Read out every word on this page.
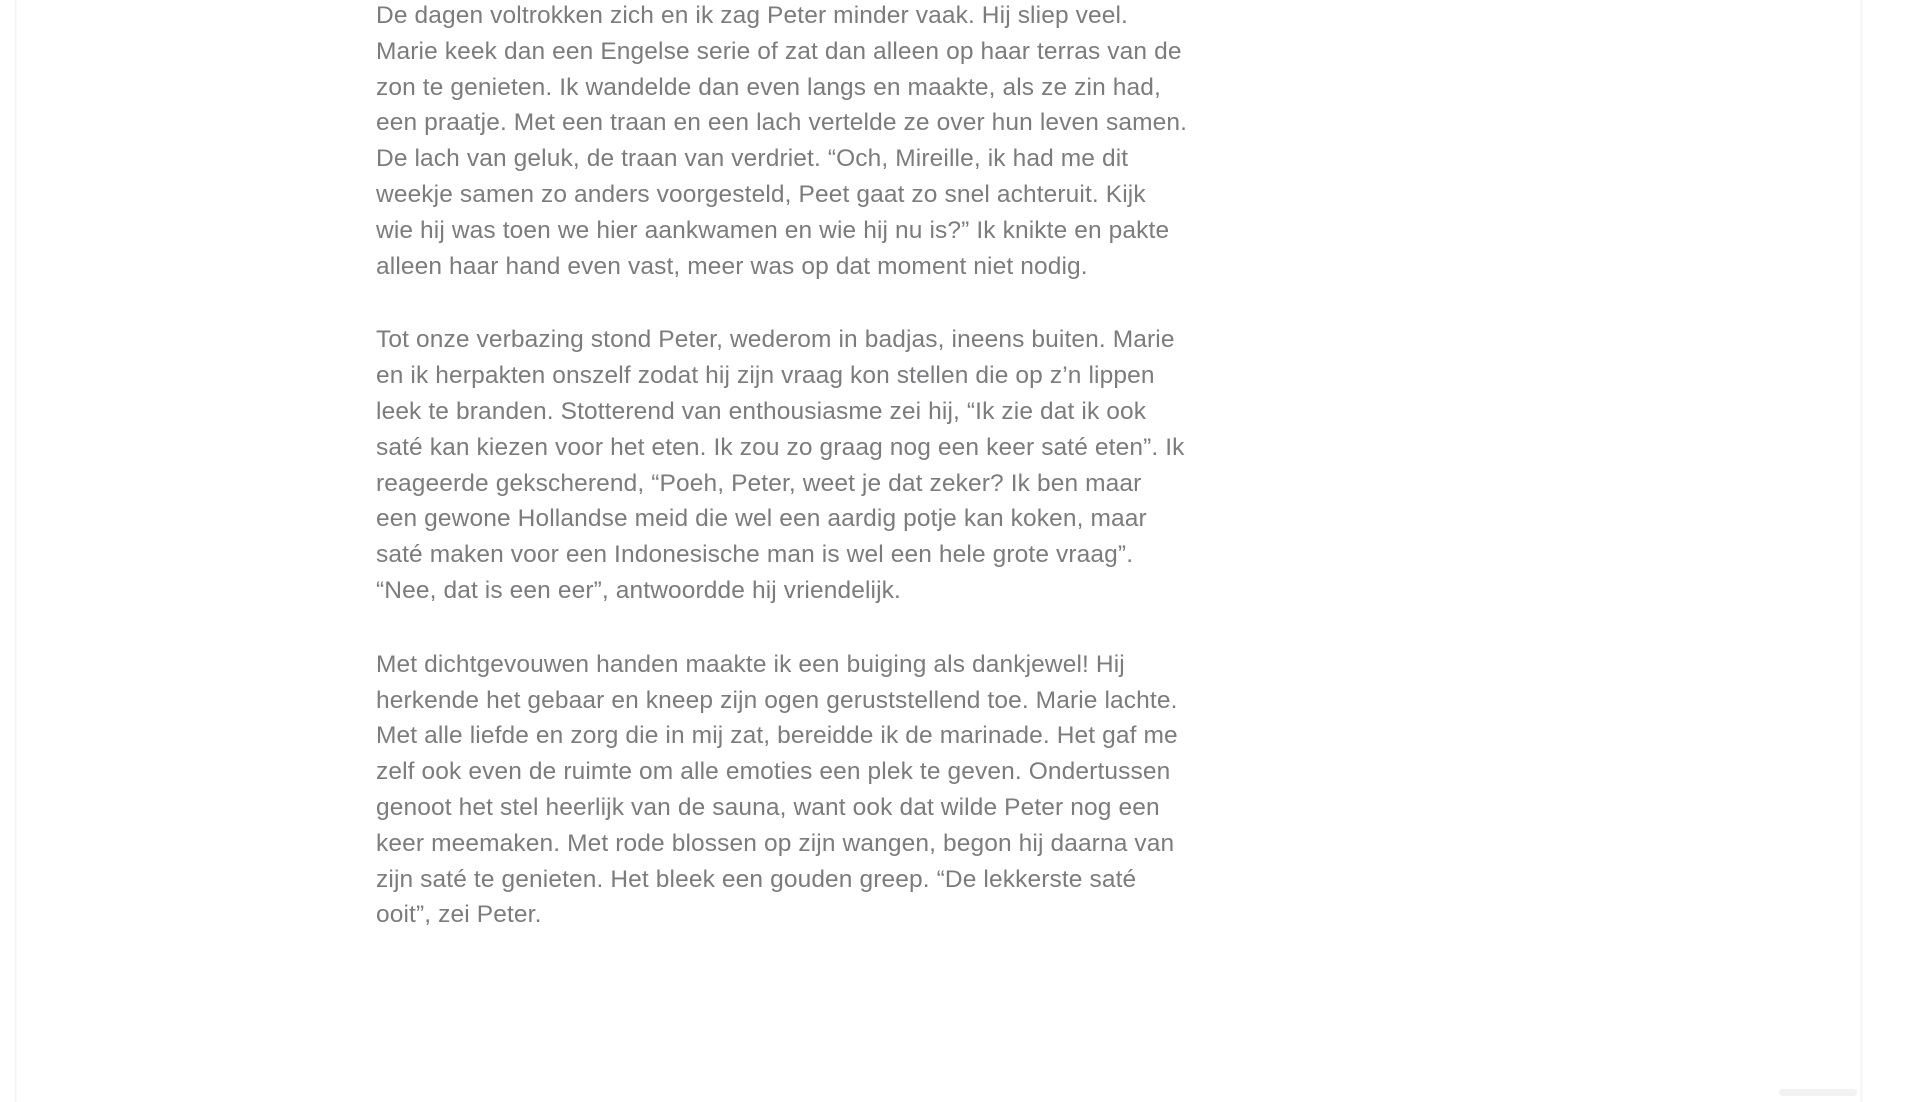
De dagen voltrokken zich en ik zag Peter minder vaak. Hij sliep veel. Marie keek dan een Engelse serie of zat dan alleen op haar terras van de zon te genieten. Ik wandelde dan even langs en maakte, als ze zin had, een praatje. Met een traan en een lach vertelde ze over hun leven samen. De lach van geluk, de traan van verdriet. “Och, Mireille, ik had me dit weekje samen zo anders voorgesteld, Peet gaat zo snel achteruit. Kijk wie hij was toen we hier aankwamen en wie hij nu is?” Ik knikte en pakte alleen haar hand even vast, meer was op dat moment niet nodig.

Tot onze verbazing stond Peter, wederom in badjas, ineens buiten. Marie en ik herpakten onszelf zodat hij zijn vraag kon stellen die op z’n lippen leek te branden. Stotterend van enthousiasme zei hij, “Ik zie dat ik ook saté kan kiezen voor het eten. Ik zou zo graag nog een keer saté eten”. Ik reageerde gekscherend, “Poeh, Peter, weet je dat zeker? Ik ben maar een gewone Hollandse meid die wel een aardig potje kan koken, maar saté maken voor een Indonesische man is wel een hele grote vraag”. “Nee, dat is een eer”, antwoordde hij vriendelijk.

Met dichtgevouwen handen maakte ik een buiging als dankjewel! Hij herkende het gebaar en kneep zijn ogen geruststellend toe. Marie lachte. Met alle liefde en zorg die in mij zat, bereidde ik de marinade. Het gaf me zelf ook even de ruimte om alle emoties een plek te geven. Ondertussen genoot het stel heerlijk van de sauna, want ook dat wilde Peter nog een keer meemaken. Met rode blossen op zijn wangen, begon hij daarna van zijn saté te genieten. Het bleek een gouden greep. “De lekkerste saté ooit”, zei Peter.
